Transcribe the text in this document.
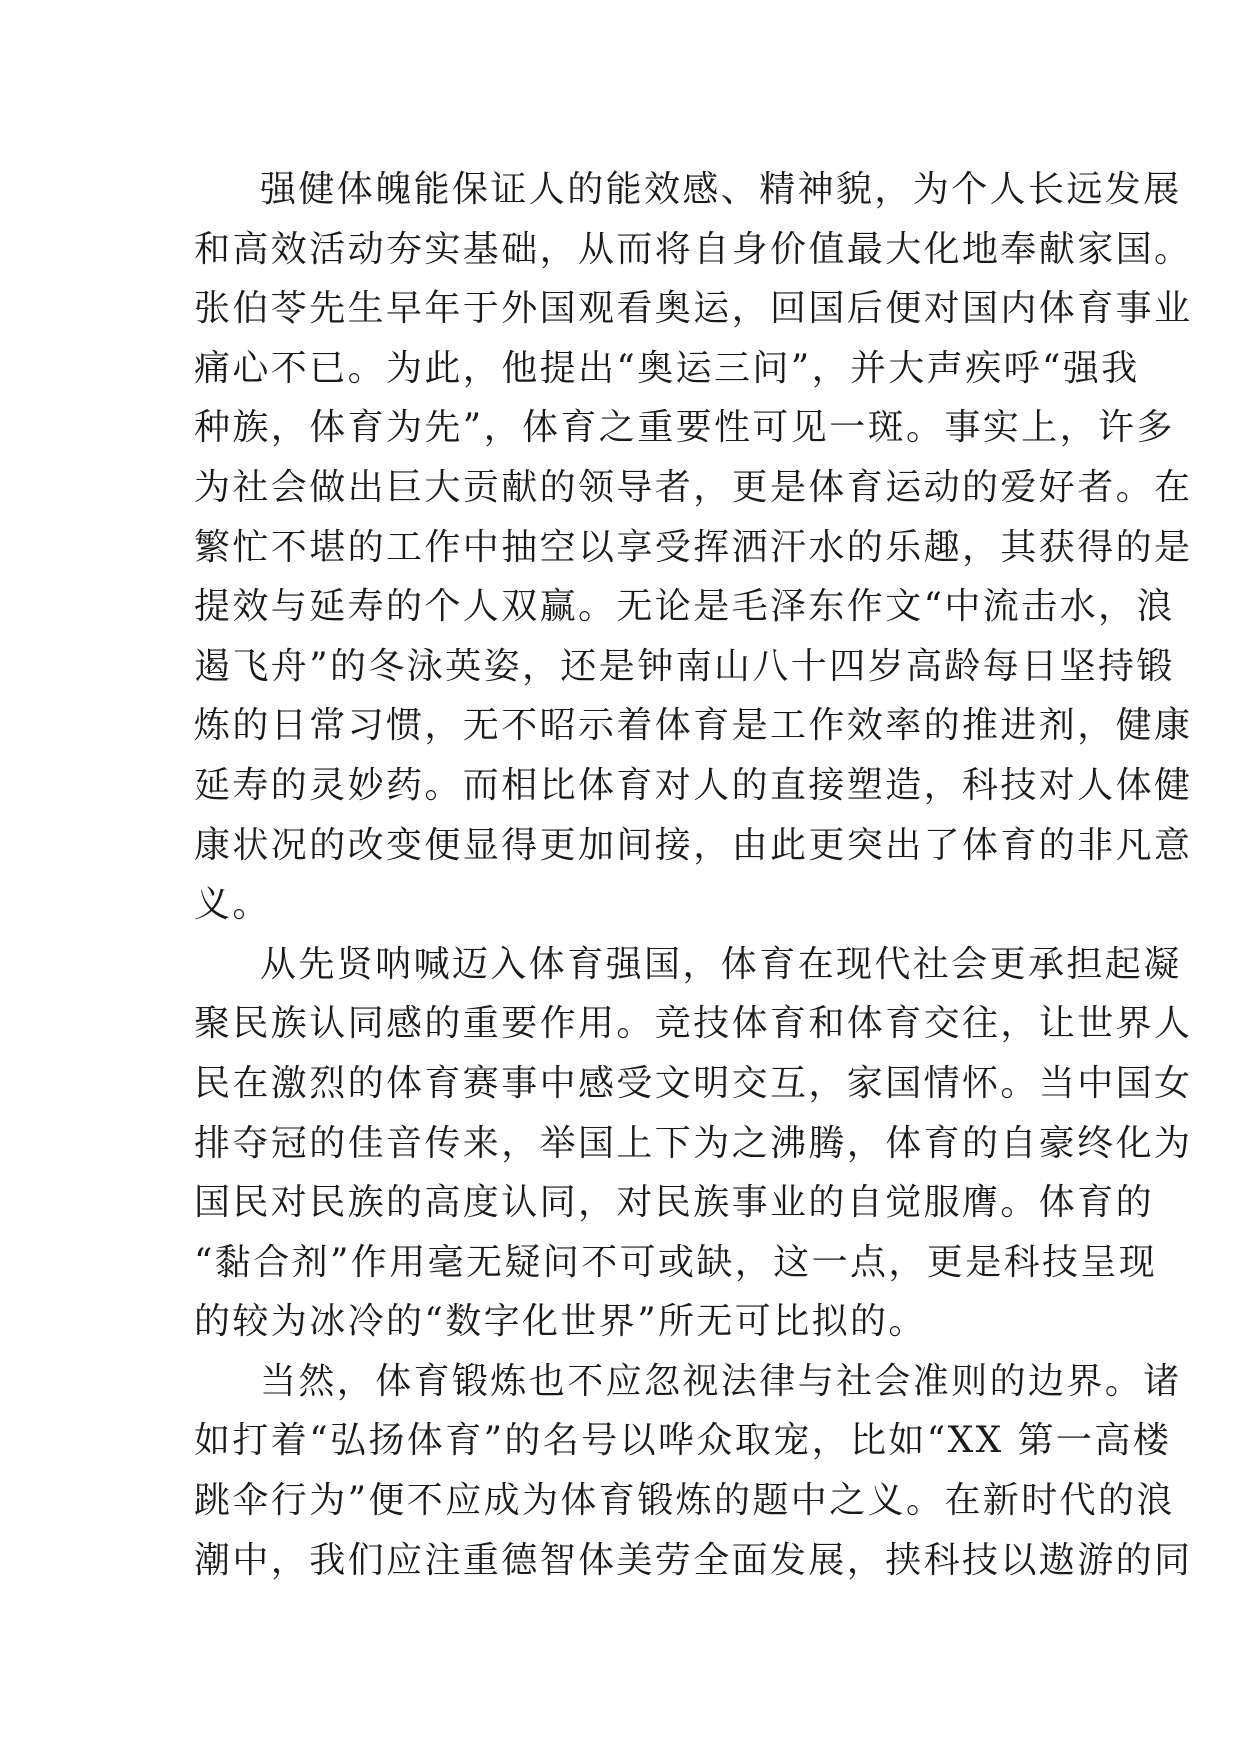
强健体魄能保证人的能效感、精神貌，为个人长远发展
和高效活动夯实基础，从而将自身价值最大化地奉献家国。
张伯苓先生早年于外国观看奥运，回国后便对国内体育事业
痛心不已。为此，他提出“奥运三问”，并大声疾呼“强我
种族，体育为先”，体育之重要性可见一斑。事实上，许多
为社会做出巨大贡献的领导者，更是体育运动的爱好者。在
繁忙不堪的工作中抽空以享受挥洒汗水的乐趣，其获得的是
提效与延寿的个人双赢。无论是毛泽东作文“中流击水，浪
遏飞舟”的冬泳英姿，还是钟南山八十四岁高龄每日坚持锻
炼的日常习惯，无不昭示着体育是工作效率的推进剂，健康
延寿的灵妙药。而相比体育对人的直接塑造，科技对人体健
康状况的改变便显得更加间接，由此更突出了体育的非凡意
义。
从先贤呐喊迈入体育强国，体育在现代社会更承担起凝
聚民族认同感的重要作用。竞技体育和体育交往，让世界人
民在激烈的体育赛事中感受文明交互，家国情怀。当中国女
排夺冠的佳音传来，举国上下为之沸腾，体育的自豪终化为
国民对民族的高度认同，对民族事业的自觉服膺。体育的
“黏合剂”作用毫无疑问不可或缺，这一点，更是科技呈现
的较为冰冷的“数字化世界”所无可比拟的。
当然，体育锻炼也不应忽视法律与社会准则的边界。诸
如打着“弘扬体育”的名号以哗众取宠，比如“XX 第一高楼
跳伞行为”便不应成为体育锻炼的题中之义。在新时代的浪
潮中，我们应注重德智体美劳全面发展，挟科技以遨游的同
